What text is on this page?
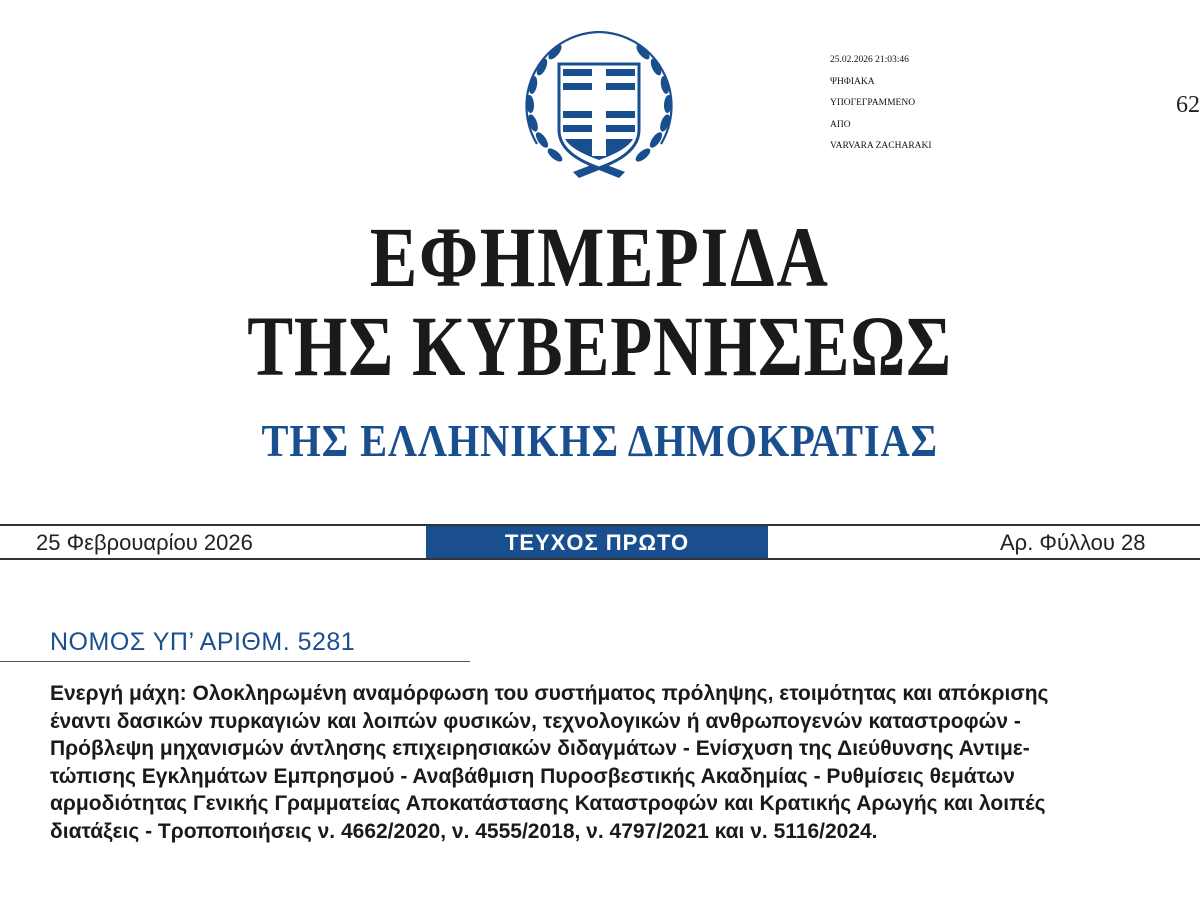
25.02.2026 21:03:46
ΨΗΦΙΑΚΑ
ΥΠΟΓΕΓΡΑΜΜΕΝΟ
ΑΠΟ
VARVARA ZACHARAKI
62
ΕΦΗΜΕΡΙΔΑ
ΤΗΣ ΚΥΒΕΡΝΗΣΕΩΣ
ΤΗΣ ΕΛΛΗΝΙΚΗΣ ΔΗΜΟΚΡΑΤΙΑΣ
25 Φεβρουαρίου 2026	ΤΕΥΧΟΣ ΠΡΩΤΟ	Αρ. Φύλλου 28
ΝΟΜΟΣ ΥΠ’ ΑΡΙΘΜ. 5281
Ενεργή μάχη: Ολοκληρωμένη αναμόρφωση του συστήματος πρόληψης, ετοιμότητας και απόκρισης
έναντι δασικών πυρκαγιών και λοιπών φυσικών, τεχνολογικών ή ανθρωπογενών καταστροφών -
Πρόβλεψη μηχανισμών άντλησης επιχειρησιακών διδαγμάτων - Ενίσχυση της Διεύθυνσης Αντιμε-
τώπισης Εγκλημάτων Εμπρησμού - Αναβάθμιση Πυροσβεστικής Ακαδημίας - Ρυθμίσεις θεμάτων
αρμοδιότητας Γενικής Γραμματείας Αποκατάστασης Καταστροφών και Κρατικής Αρωγής και λοιπές
διατάξεις - Τροποποιήσεις ν. 4662/2020, ν. 4555/2018, ν. 4797/2021 και ν. 5116/2024.
